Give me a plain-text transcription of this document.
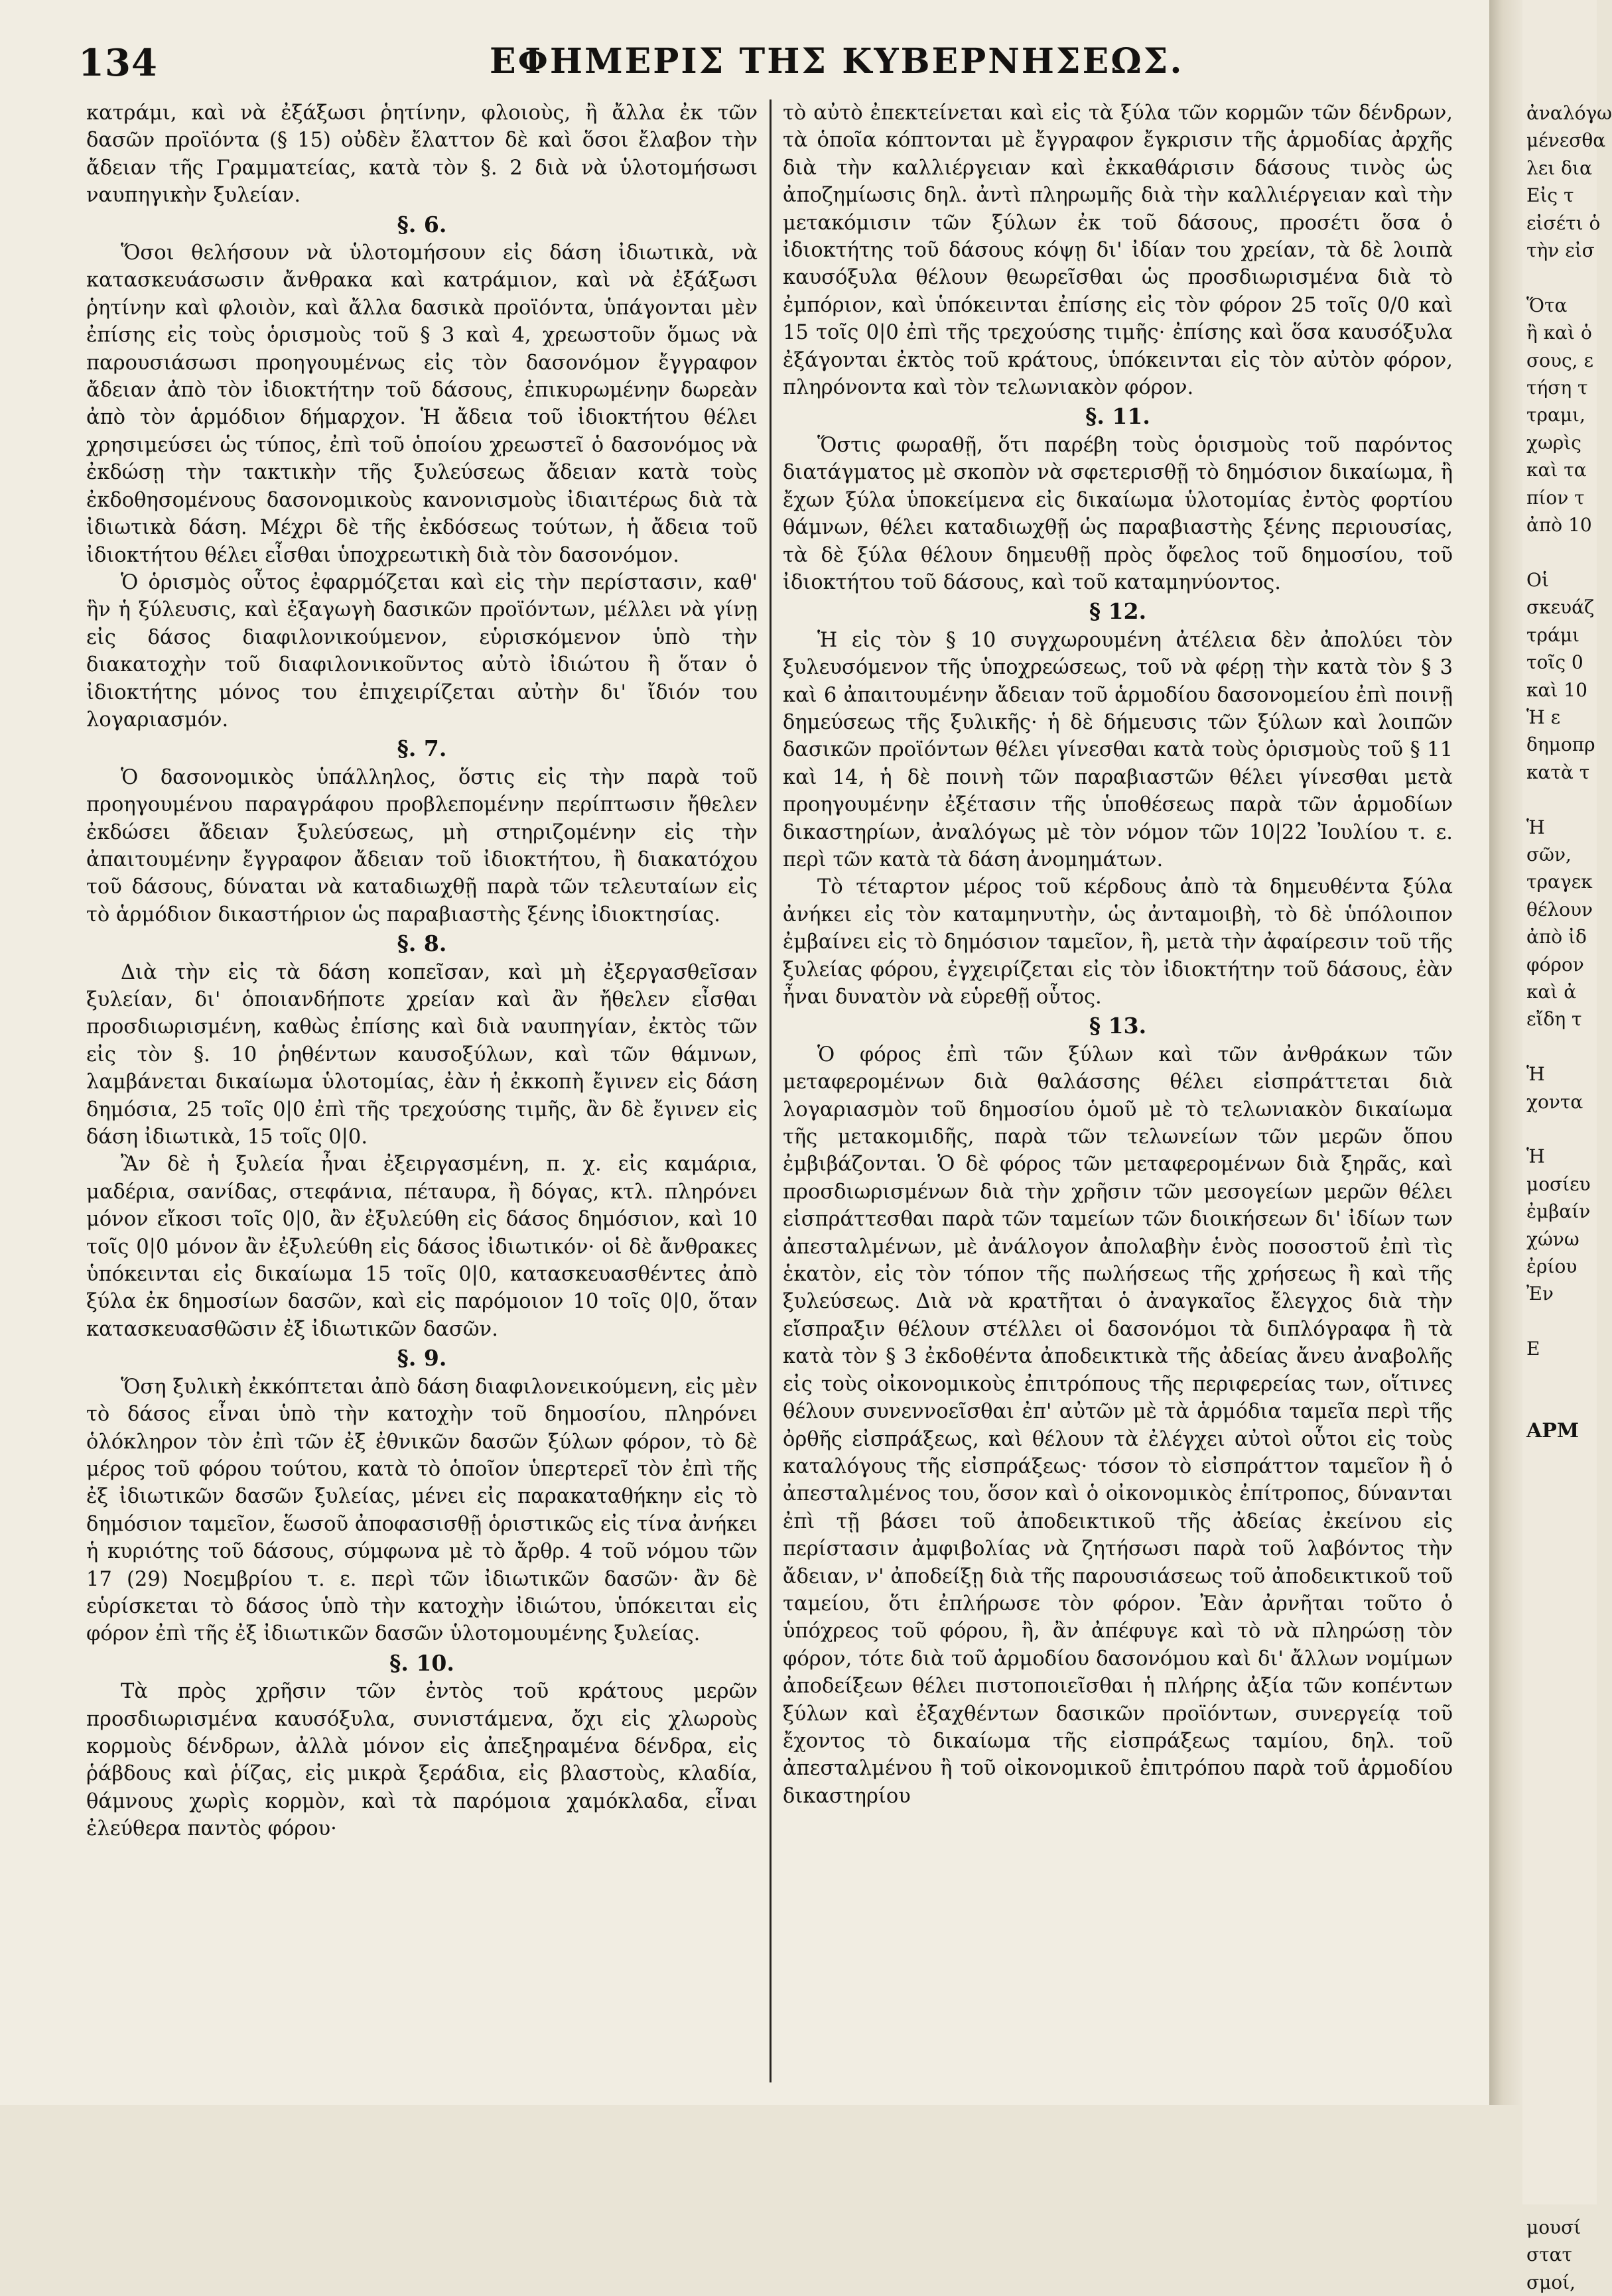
134	ΕΦΗΜΕΡΙΣ ΤΗΣ ΚΥΒΕΡΝΗΣΕΩΣ.

κατράμι, καὶ νὰ ἐξάξωσι ῥητίνην, φλοιοὺς, ἢ ἄλλα ἐκ τῶν δασῶν προϊόντα (§ 15) οὐδὲν ἔλαττον δὲ καὶ ὅσοι ἔλαβον τὴν ἄδειαν τῆς Γραμματείας, κατὰ τὸν §. 2 διὰ νὰ ὑλοτομήσωσι ναυπηγικὴν ξυλείαν.

§. 6.

Ὅσοι θελήσουν νὰ ὑλοτομήσουν εἰς δάση ἰδιωτικὰ, νὰ κατασκευάσωσιν ἄνθρακα καὶ κατράμιον, καὶ νὰ ἐξάξωσι ῥητίνην καὶ φλοιὸν, καὶ ἄλλα δασικὰ προϊόντα, ὑπάγονται μὲν ἐπίσης εἰς τοὺς ὁρισμοὺς τοῦ § 3 καὶ 4, χρεωστοῦν ὅμως νὰ παρουσιάσωσι προηγουμένως εἰς τὸν δασονόμον ἔγγραφον ἄδειαν ἀπὸ τὸν ἰδιοκτήτην τοῦ δάσους, ἐπικυρωμένην δωρεὰν ἀπὸ τὸν ἁρμόδιον δήμαρχον. Ἡ ἄδεια τοῦ ἰδιοκτήτου θέλει χρησιμεύσει ὡς τύπος, ἐπὶ τοῦ ὁποίου χρεωστεῖ ὁ δασονόμος νὰ ἐκδώσῃ τὴν τακτικὴν τῆς ξυλεύσεως ἄδειαν κατὰ τοὺς ἐκδοθησομένους δασονομικοὺς κανονισμοὺς ἰδιαιτέρως διὰ τὰ ἰδιωτικὰ δάση. Μέχρι δὲ τῆς ἐκδόσεως τούτων, ἡ ἄδεια τοῦ ἰδιοκτήτου θέλει εἶσθαι ὑποχρεωτικὴ διὰ τὸν δασονόμον.

Ὁ ὁρισμὸς οὗτος ἐφαρμόζεται καὶ εἰς τὴν περίστασιν, καθ' ἣν ἡ ξύλευσις, καὶ ἐξαγωγὴ δασικῶν προϊόντων, μέλλει νὰ γίνῃ εἰς δάσος διαφιλονικούμενον, εὑρισκόμενον ὑπὸ τὴν διακατοχὴν τοῦ διαφιλονικοῦντος αὐτὸ ἰδιώτου ἢ ὅταν ὁ ἰδιοκτήτης μόνος του ἐπιχειρίζεται αὐτὴν δι' ἴδιόν του λογαριασμόν.

§. 7.

Ὁ δασονομικὸς ὑπάλληλος, ὅστις εἰς τὴν παρὰ τοῦ προηγουμένου παραγράφου προβλεπομένην περίπτωσιν ἤθελεν ἐκδώσει ἄδειαν ξυλεύσεως, μὴ στηριζομένην εἰς τὴν ἀπαιτουμένην ἔγγραφον ἄδειαν τοῦ ἰδιοκτήτου, ἢ διακατόχου τοῦ δάσους, δύναται νὰ καταδιωχθῇ παρὰ τῶν τελευταίων εἰς τὸ ἁρμόδιον δικαστήριον ὡς παραβιαστὴς ξένης ἰδιοκτησίας.

§. 8.

Διὰ τὴν εἰς τὰ δάση κοπεῖσαν, καὶ μὴ ἐξεργασθεῖσαν ξυλείαν, δι' ὁποιανδήποτε χρείαν καὶ ἂν ἤθελεν εἶσθαι προσδιωρισμένη, καθὼς ἐπίσης καὶ διὰ ναυπηγίαν, ἐκτὸς τῶν εἰς τὸν §. 10 ῥηθέντων καυσοξύλων, καὶ τῶν θάμνων, λαμβάνεται δικαίωμα ὑλοτομίας, ἐὰν ἡ ἐκκοπὴ ἔγινεν εἰς δάση δημόσια, 25 τοῖς 0|0 ἐπὶ τῆς τρεχούσης τιμῆς, ἂν δὲ ἔγινεν εἰς δάση ἰδιωτικὰ, 15 τοῖς 0|0.

Ἂν δὲ ἡ ξυλεία ἦναι ἐξειργασμένη, π. χ. εἰς καμάρια, μαδέρια, σανίδας, στεφάνια, πέταυρα, ἢ δόγας, κτλ. πληρόνει μόνον εἴκοσι τοῖς 0|0, ἂν ἐξυλεύθη εἰς δάσος δημόσιον, καὶ 10 τοῖς 0|0 μόνον ἂν ἐξυλεύθη εἰς δάσος ἰδιωτικόν· οἱ δὲ ἄνθρακες ὑπόκεινται εἰς δικαίωμα 15 τοῖς 0|0, κατασκευασθέντες ἀπὸ ξύλα ἐκ δημοσίων δασῶν, καὶ εἰς παρόμοιον 10 τοῖς 0|0, ὅταν κατασκευασθῶσιν ἐξ ἰδιωτικῶν δασῶν.

§. 9.

Ὅση ξυλικὴ ἐκκόπτεται ἀπὸ δάση διαφιλονεικούμενη, εἰς μὲν τὸ δάσος εἶναι ὑπὸ τὴν κατοχὴν τοῦ δημοσίου, πληρόνει ὁλόκληρον τὸν ἐπὶ τῶν ἐξ ἐθνικῶν δασῶν ξύλων φόρον, τὸ δὲ μέρος τοῦ φόρου τούτου, κατὰ τὸ ὁποῖον ὑπερτερεῖ τὸν ἐπὶ τῆς ἐξ ἰδιωτικῶν δασῶν ξυλείας, μένει εἰς παρακαταθήκην εἰς τὸ δημόσιον ταμεῖον, ἕωσοῦ ἀποφασισθῇ ὁριστικῶς εἰς τίνα ἀνήκει ἡ κυριότης τοῦ δάσους, σύμφωνα μὲ τὸ ἄρθρ. 4 τοῦ νόμου τῶν 17 (29) Νοεμβρίου τ. ε. περὶ τῶν ἰδιωτικῶν δασῶν· ἂν δὲ εὑρίσκεται τὸ δάσος ὑπὸ τὴν κατοχὴν ἰδιώτου, ὑπόκειται εἰς φόρον ἐπὶ τῆς ἐξ ἰδιωτικῶν δασῶν ὑλοτομουμένης ξυλείας.

§. 10.

Τὰ πρὸς χρῆσιν τῶν ἐντὸς τοῦ κράτους μερῶν προσδιωρισμένα καυσόξυλα, συνιστάμενα, ὄχι εἰς χλωροὺς κορμοὺς δένδρων, ἀλλὰ μόνον εἰς ἀπεξηραμένα δένδρα, εἰς ῥάβδους καὶ ῥίζας, εἰς μικρὰ ξεράδια, εἰς βλαστοὺς, κλαδία, θάμνους χωρὶς κορμὸν, καὶ τὰ παρόμοια χαμόκλαδα, εἶναι ἐλεύθερα παντὸς φόρου·

τὸ αὐτὸ ἐπεκτείνεται καὶ εἰς τὰ ξύλα τῶν κορμῶν τῶν δένδρων, τὰ ὁποῖα κόπτονται μὲ ἔγγραφον ἔγκρισιν τῆς ἁρμοδίας ἀρχῆς διὰ τὴν καλλιέργειαν καὶ ἐκκαθάρισιν δάσους τινὸς ὡς ἀποζημίωσις δηλ. ἀντὶ πληρωμῆς διὰ τὴν καλλιέργειαν καὶ τὴν μετακόμισιν τῶν ξύλων ἐκ τοῦ δάσους, προσέτι ὅσα ὁ ἰδιοκτήτης τοῦ δάσους κόψῃ δι' ἰδίαν του χρείαν, τὰ δὲ λοιπὰ καυσόξυλα θέλουν θεωρεῖσθαι ὡς προσδιωρισμένα διὰ τὸ ἐμπόριον, καὶ ὑπόκεινται ἐπίσης εἰς τὸν φόρον 25 τοῖς 0/0 καὶ 15 τοῖς 0|0 ἐπὶ τῆς τρεχούσης τιμῆς· ἐπίσης καὶ ὅσα καυσόξυλα ἐξάγονται ἐκτὸς τοῦ κράτους, ὑπόκεινται εἰς τὸν αὐτὸν φόρον, πληρόνοντα καὶ τὸν τελωνιακὸν φόρον.

§. 11.

Ὅστις φωραθῇ, ὅτι παρέβη τοὺς ὁρισμοὺς τοῦ παρόντος διατάγματος μὲ σκοπὸν νὰ σφετερισθῇ τὸ δημόσιον δικαίωμα, ἢ ἔχων ξύλα ὑποκείμενα εἰς δικαίωμα ὑλοτομίας ἐντὸς φορτίου θάμνων, θέλει καταδιωχθῇ ὡς παραβιαστὴς ξένης περιουσίας, τὰ δὲ ξύλα θέλουν δημευθῇ πρὸς ὄφελος τοῦ δημοσίου, τοῦ ἰδιοκτήτου τοῦ δάσους, καὶ τοῦ καταμηνύοντος.

§ 12.

Ἡ εἰς τὸν § 10 συγχωρουμένη ἀτέλεια δὲν ἀπολύει τὸν ξυλευσόμενον τῆς ὑποχρεώσεως, τοῦ νὰ φέρῃ τὴν κατὰ τὸν § 3 καὶ 6 ἀπαιτουμένην ἄδειαν τοῦ ἁρμοδίου δασονομείου ἐπὶ ποινῇ δημεύσεως τῆς ξυλικῆς· ἡ δὲ δήμευσις τῶν ξύλων καὶ λοιπῶν δασικῶν προϊόντων θέλει γίνεσθαι κατὰ τοὺς ὁρισμοὺς τοῦ § 11 καὶ 14, ἡ δὲ ποινὴ τῶν παραβιαστῶν θέλει γίνεσθαι μετὰ προηγουμένην ἐξέτασιν τῆς ὑποθέσεως παρὰ τῶν ἁρμοδίων δικαστηρίων, ἀναλόγως μὲ τὸν νόμον τῶν 10|22 Ἰουλίου τ. ε. περὶ τῶν κατὰ τὰ δάση ἀνομημάτων.

Τὸ τέταρτον μέρος τοῦ κέρδους ἀπὸ τὰ δημευθέντα ξύλα ἀνήκει εἰς τὸν καταμηνυτὴν, ὡς ἀνταμοιβὴ, τὸ δὲ ὑπόλοιπον ἐμβαίνει εἰς τὸ δημόσιον ταμεῖον, ἢ, μετὰ τὴν ἀφαίρεσιν τοῦ τῆς ξυλείας φόρου, ἐγχειρίζεται εἰς τὸν ἰδιοκτήτην τοῦ δάσους, ἐὰν ἦναι δυνατὸν νὰ εὑρεθῇ οὗτος.

§ 13.

Ὁ φόρος ἐπὶ τῶν ξύλων καὶ τῶν ἀνθράκων τῶν μεταφερομένων διὰ θαλάσσης θέλει εἰσπράττεται διὰ λογαριασμὸν τοῦ δημοσίου ὁμοῦ μὲ τὸ τελωνιακὸν δικαίωμα τῆς μετακομιδῆς, παρὰ τῶν τελωνείων τῶν μερῶν ὅπου ἐμβιβάζονται. Ὁ δὲ φόρος τῶν μεταφερομένων διὰ ξηρᾶς, καὶ προσδιωρισμένων διὰ τὴν χρῆσιν τῶν μεσογείων μερῶν θέλει εἰσπράττεσθαι παρὰ τῶν ταμείων τῶν διοικήσεων δι' ἰδίων των ἀπεσταλμένων, μὲ ἀνάλογον ἀπολαβὴν ἑνὸς ποσοστοῦ ἐπὶ τὶς ἑκατὸν, εἰς τὸν τόπον τῆς πωλήσεως τῆς χρήσεως ἢ καὶ τῆς ξυλεύσεως. Διὰ νὰ κρατῆται ὁ ἀναγκαῖος ἔλεγχος διὰ τὴν εἴσπραξιν θέλουν στέλλει οἱ δασονόμοι τὰ διπλόγραφα ἢ τὰ κατὰ τὸν § 3 ἐκδοθέντα ἀποδεικτικὰ τῆς ἀδείας ἄνευ ἀναβολῆς εἰς τοὺς οἰκονομικοὺς ἐπιτρόπους τῆς περιφερείας των, οἵτινες θέλουν συνεννοεῖσθαι ἐπ' αὐτῶν μὲ τὰ ἁρμόδια ταμεῖα περὶ τῆς ὀρθῆς εἰσπράξεως, καὶ θέλουν τὰ ἐλέγχει αὐτοὶ οὗτοι εἰς τοὺς καταλόγους τῆς εἰσπράξεως· τόσον τὸ εἰσπράττον ταμεῖον ἢ ὁ ἀπεσταλμένος του, ὅσον καὶ ὁ οἰκονομικὸς ἐπίτροπος, δύνανται ἐπὶ τῇ βάσει τοῦ ἀποδεικτικοῦ τῆς ἀδείας ἐκείνου εἰς περίστασιν ἀμφιβολίας νὰ ζητήσωσι παρὰ τοῦ λαβόντος τὴν ἄδειαν, ν' ἀποδείξῃ διὰ τῆς παρουσιάσεως τοῦ ἀποδεικτικοῦ τοῦ ταμείου, ὅτι ἐπλήρωσε τὸν φόρον. Ἐὰν ἀρνῆται τοῦτο ὁ ὑπόχρεος τοῦ φόρου, ἢ, ἂν ἀπέφυγε καὶ τὸ νὰ πληρώσῃ τὸν φόρον, τότε διὰ τοῦ ἁρμοδίου δασονόμου καὶ δι' ἄλλων νομίμων ἀποδείξεων θέλει πιστοποιεῖσθαι ἡ πλήρης ἀξία τῶν κοπέντων ξύλων καὶ ἐξαχθέντων δασικῶν προϊόντων, συνεργείᾳ τοῦ ἔχοντος τὸ δικαίωμα τῆς εἰσπράξεως ταμίου, δηλ. τοῦ ἀπεσταλμένου ἢ τοῦ οἰκονομικοῦ ἐπιτρόπου παρὰ τοῦ ἁρμοδίου δικαστηρίου

ἀναλόγω
μένεσθα
λει δια
Εἰς τ
εἰσέτι ὁ
τὴν εἰσ
Ὅτα
ἢ καὶ ὁ
σους, ε
τήση τ
τραμι,
χωρὶς
καὶ τα
πίον τ
ἀπὸ 10
Οἱ
σκευάζ
τράμι
τοῖς 0
καὶ 10
Ἡ ε
δημοπρ
κατὰ τ
Ἡ
σῶν,
τραγεκ
θέλουν
ἀπὸ ἰδ
φόρον
καὶ ἀ
εἴδη τ
Ἡ
χοντα
Ἡ
μοσίευ
ἐμβαίν
χώνω
ἐρίου
Ἐν
Ε
ΑΡΜ
μουσί
στατ
σμοί,
